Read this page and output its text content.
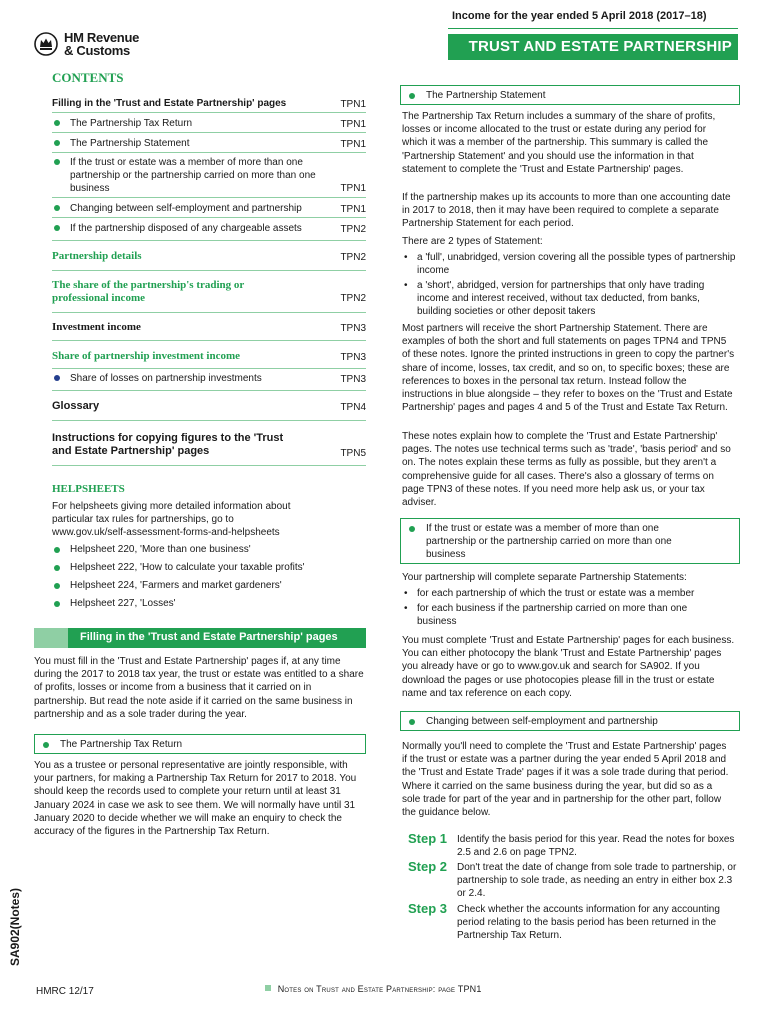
Income for the year ended 5 April 2018 (2017–18)
HM Revenue
& Customs	TRUST AND ESTATE PARTNERSHIP
CONTENTS
Filling in the 'Trust and Estate Partnership' pages	TPN1
The Partnership Tax Return	TPN1
The Partnership Statement	TPN1
If the trust or estate was a member of more than one partnership or the partnership carried on more than one business	TPN1
Changing between self-employment and partnership	TPN1
If the partnership disposed of any chargeable assets	TPN2
Partnership details	TPN2
The share of the partnership's trading or professional income	TPN2
Investment income	TPN3
Share of partnership investment income	TPN3
Share of losses on partnership investments	TPN3
Glossary	TPN4
Instructions for copying figures to the 'Trust and Estate Partnership' pages	TPN5
HELPSHEETS

For helpsheets giving more detailed information about particular tax rules for partnerships, go to www.gov.uk/self-assessment-forms-and-helpsheets

Helpsheet 220, 'More than one business'
Helpsheet 222, 'How to calculate your taxable profits'
Helpsheet 224, 'Farmers and market gardeners'
Helpsheet 227, 'Losses'
Filling in the 'Trust and Estate Partnership' pages

You must fill in the 'Trust and Estate Partnership' pages if, at any time during the 2017 to 2018 tax year, the trust or estate was entitled to a share of profits, losses or income from a business that it carried on in partnership. But read the note aside if it carried on the same business in partnership and as a sole trader during the year.

The Partnership Tax Return

You as a trustee or personal representative are jointly responsible, with your partners, for making a Partnership Tax Return for 2017 to 2018. You should keep the records used to complete your return until at least 31 January 2024 in case we ask to see them. We will normally have until 31 January 2020 to decide whether we will make an enquiry to check the accuracy of the figures in the Partnership Tax Return.

The Partnership Statement

The Partnership Tax Return includes a summary of the share of profits, losses or income allocated to the trust or estate during any period for which it was a member of the partnership. This summary is called the 'Partnership Statement' and you should use the information in that statement to complete the 'Trust and Estate Partnership' pages.

If the partnership makes up its accounts to more than one accounting date in 2017 to 2018, then it may have been required to complete a separate Partnership Statement for each period.

There are 2 types of Statement:

• a 'full', unabridged, version covering all the possible types of partnership income
• a 'short', abridged, version for partnerships that only have trading income and interest received, without tax deducted, from banks, building societies or other deposit takers

Most partners will receive the short Partnership Statement. There are examples of both the short and full statements on pages TPN4 and TPN5 of these notes. Ignore the printed instructions in green to copy the partner's share of income, losses, tax credit, and so on, to specific boxes; these are references to boxes in the personal tax return. Instead follow the instructions in blue alongside – they refer to boxes on the 'Trust and Estate Partnership' pages and pages 4 and 5 of the Trust and Estate Tax Return.

These notes explain how to complete the 'Trust and Estate Partnership' pages. The notes use technical terms such as 'trade', 'basis period' and so on. The notes explain these terms as fully as possible, but they aren't a comprehensive guide for all cases. There's also a glossary of terms on page TPN3 of these notes. If you need more help ask us, or your tax adviser.

If the trust or estate was a member of more than one partnership or the partnership carried on more than one business

Your partnership will complete separate Partnership Statements:

• for each partnership of which the trust or estate was a member
• for each business if the partnership carried on more than one business

You must complete 'Trust and Estate Partnership' pages for each business. You can either photocopy the blank 'Trust and Estate Partnership' pages you already have or go to www.gov.uk and search for SA902. If you download the pages or use photocopies please fill in the trust or estate name and tax reference on each copy.

Changing between self-employment and partnership

Normally you'll need to complete the 'Trust and Estate Partnership' pages if the trust or estate was a partner during the year ended 5 April 2018 and the 'Trust and Estate Trade' pages if it was a sole trade during that period. Where it carried on the same business during the year, but did so as a sole trade for part of the year and in partnership for the other part, follow the guidance below.

Step 1 Identify the basis period for this year. Read the notes for boxes 2.5 and 2.6 on page TPN2.
Step 2 Don't treat the date of change from sole trade to partnership, or partnership to sole trade, as needing an entry in either box 2.3 or 2.4.
Step 3 Check whether the accounts information for any accounting period relating to the basis period has been returned in the Partnership Tax Return.
SA902(Notes)
HMRC 12/17	Notes on Trust and Estate Partnership: page TPN1
